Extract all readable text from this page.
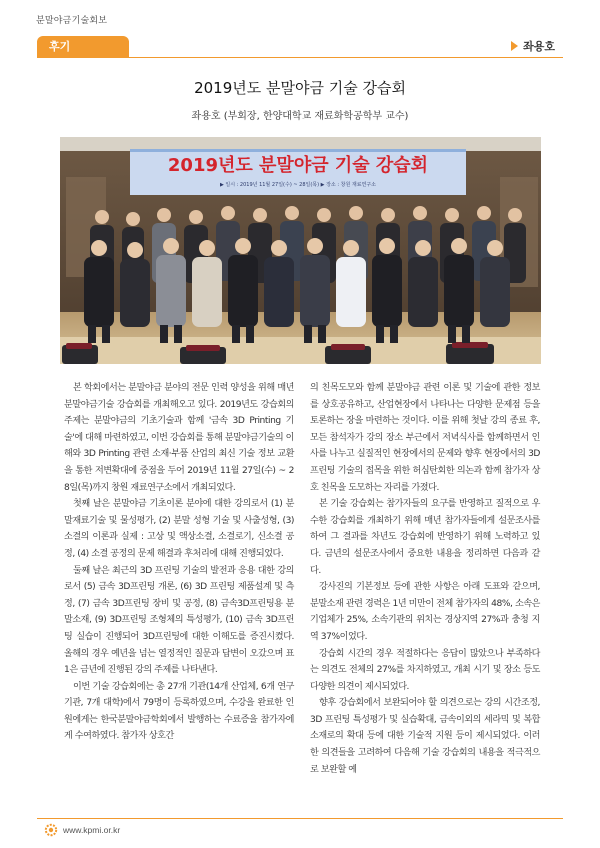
분말야금기술회보
후기	좌용호
2019년도 분말야금 기술 강습회
좌용호 (부회장, 한양대학교 재료화학공학부 교수)
2019년도 분말야금 기술 강습회
▶ 일시 : 2019년 11월 27일(수) ~ 28일(목) ▶ 장소 : 창원 재료연구소

본 학회에서는 분말야금 분야의 전문 인력 양성을 위해 매년 분말야금기술 강습회를 개최해오고 있다. 2019년도 강습회의 주제는 분말야금의 기초기술과 함께 '금속 3D Printing 기술'에 대해 마련하였고, 이번 강습회를 통해 분말야금기술의 이해와 3D Printing 관련 소재·부품 산업의 최신 기술 정보 교환을 통한 저변확대에 중점을 두어 2019년 11월 27일(수) ~ 28일(목)까지 창원 재료연구소에서 개최되었다.

첫째 날은 분말야금 기초이론 분야에 대한 강의로서 (1) 분말재료기술 및 물성평가, (2) 분말 성형 기술 및 사출성형, (3) 소결의 이론과 실제 : 고상 및 액상소결, 소결로기, 신소결 공정, (4) 소결 공정의 문제 해결과 후처리에 대해 진행되었다.

둘째 날은 최근의 3D 프린팅 기술의 발전과 응용 대한 강의로서 (5) 금속 3D프린팅 개론, (6) 3D 프린팅 제품설계 및 측정, (7) 금속 3D프린팅 장비 및 공정, (8) 금속3D프린팅용 분말소재, (9) 3D프린팅 조형체의 특성평가, (10) 금속 3D프린팅 실습이 진행되어 3D프린팅에 대한 이해도를 증진시켰다. 올해의 경우 예년을 넘는 열정적인 질문과 답변이 오갔으며 표 1은 금년에 진행된 강의 주제를 나타낸다.

이번 기술 강습회에는 총 27개 기관(14개 산업체, 6개 연구기관, 7개 대학)에서 79명이 등록하였으며, 수강을 완료한 인원에게는 한국분말야금학회에서 발행하는 수료증을 참가자에게 수여하였다. 참가자 상호간

의 친목도모와 함께 분말야금 관련 이론 및 기술에 관한 정보를 상호공유하고, 산업현장에서 나타나는 다양한 문제점 등을 토론하는 장을 마련하는 것이다. 이를 위해 첫날 강의 종료 후, 모든 참석자가 강의 장소 부근에서 저녁식사를 함께하면서 인사를 나누고 실질적인 현장에서의 문제와 향후 현장에서의 3D 프린팅 기술의 접목을 위한 허심탄회한 의논과 함께 참가자 상호 친목을 도모하는 자리를 가졌다.

본 기술 강습회는 참가자들의 요구를 반영하고 질적으로 우수한 강습회를 개최하기 위해 매년 참가자들에게 설문조사를 하여 그 결과를 차년도 강습회에 반영하기 위해 노력하고 있다. 금년의 설문조사에서 중요한 내용을 정리하면 다음과 같다.

강사진의 기본정보 등에 관한 사항은 아래 도표와 같으며, 분말소재 관련 경력은 1년 미만이 전체 참가자의 48%, 소속은 기업체가 25%, 소속기관의 위치는 경상지역 27%과 충청 지역 37%이었다.

강습회 시간의 경우 적절하다는 응답이 많았으나 부족하다는 의견도 전체의 27%를 차지하였고, 개최 시기 및 장소 등도 다양한 의견이 제시되었다.

향후 강습회에서 보완되어야 할 의견으로는 강의 시간조정, 3D 프린팅 특성평가 및 실습확대, 금속이외의 세라믹 및 복합소재로의 확대 등에 대한 기술적 지원 등이 제시되었다. 이러한 의견들을 고려하여 다음해 기술 강습회의 내용을 적극적으로 보완할 예

www.kpmi.or.kr
